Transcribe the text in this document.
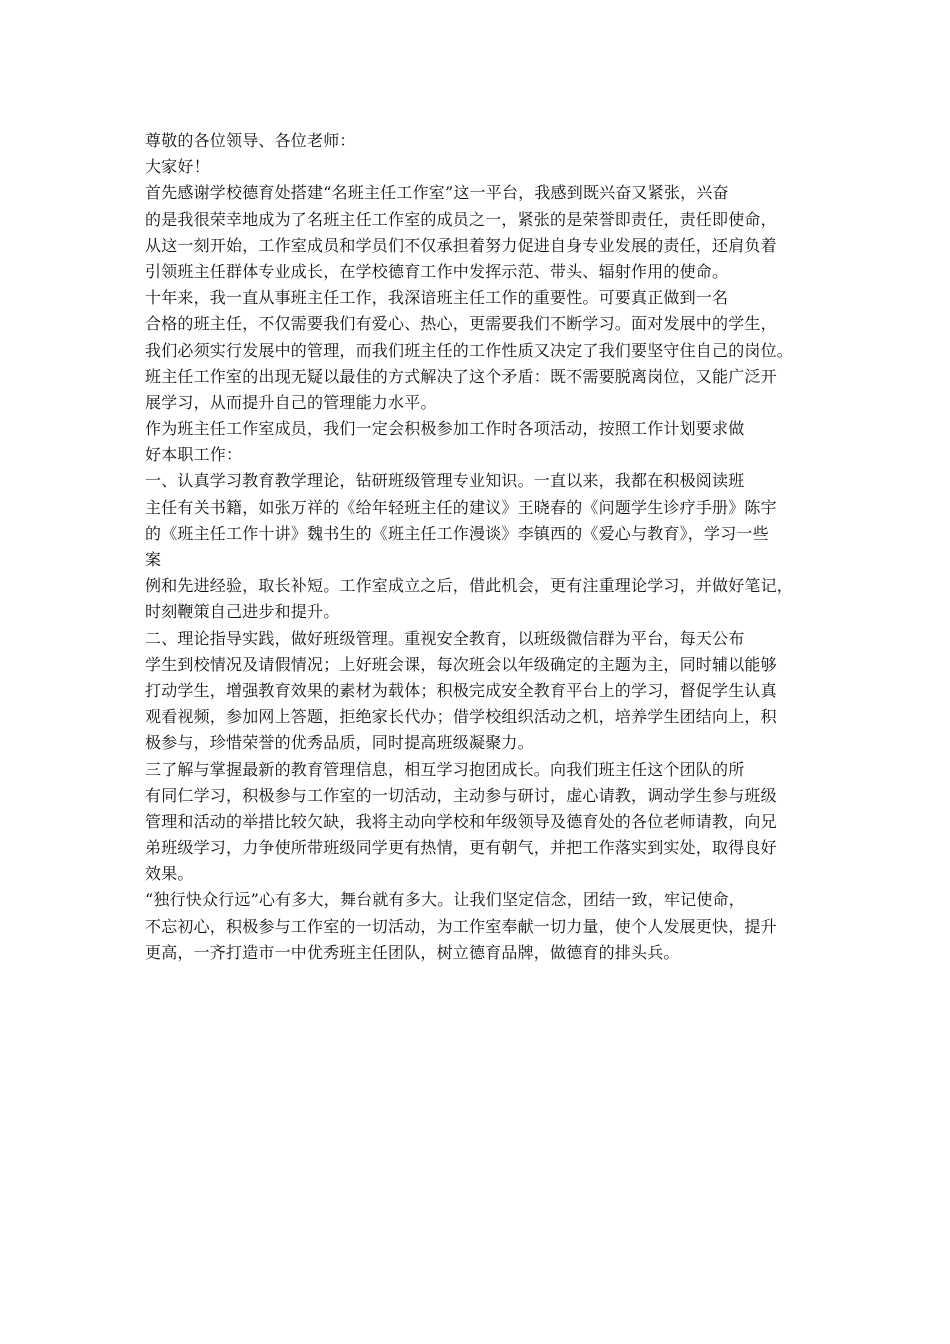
尊敬的各位领导、各位老师：
大家好！
首先感谢学校德育处搭建“名班主任工作室”这一平台，我感到既兴奋又紧张，兴奋
的是我很荣幸地成为了名班主任工作室的成员之一，紧张的是荣誉即责任，责任即使命，
从这一刻开始，工作室成员和学员们不仅承担着努力促进自身专业发展的责任，还肩负着
引领班主任群体专业成长，在学校德育工作中发挥示范、带头、辐射作用的使命。
十年来，我一直从事班主任工作，我深谙班主任工作的重要性。可要真正做到一名
合格的班主任，不仅需要我们有爱心、热心，更需要我们不断学习。面对发展中的学生，
我们必须实行发展中的管理，而我们班主任的工作性质又决定了我们要坚守住自己的岗位。
班主任工作室的出现无疑以最佳的方式解决了这个矛盾：既不需要脱离岗位，又能广泛开
展学习，从而提升自己的管理能力水平。
作为班主任工作室成员，我们一定会积极参加工作时各项活动，按照工作计划要求做
好本职工作：
一、认真学习教育教学理论，钻研班级管理专业知识。一直以来，我都在积极阅读班
主任有关书籍，如张万祥的《给年轻班主任的建议》王晓春的《问题学生诊疗手册》陈宇
的《班主任工作十讲》魏书生的《班主任工作漫谈》李镇西的《爱心与教育》，学习一些
案
例和先进经验，取长补短。工作室成立之后，借此机会，更有注重理论学习，并做好笔记，
时刻鞭策自己进步和提升。
二、理论指导实践，做好班级管理。重视安全教育，以班级微信群为平台，每天公布
学生到校情况及请假情况；上好班会课，每次班会以年级确定的主题为主，同时辅以能够
打动学生，增强教育效果的素材为载体；积极完成安全教育平台上的学习，督促学生认真
观看视频，参加网上答题，拒绝家长代办；借学校组织活动之机，培养学生团结向上，积
极参与，珍惜荣誉的优秀品质，同时提高班级凝聚力。
三了解与掌握最新的教育管理信息，相互学习抱团成长。向我们班主任这个团队的所
有同仁学习，积极参与工作室的一切活动，主动参与研讨，虚心请教，调动学生参与班级
管理和活动的举措比较欠缺，我将主动向学校和年级领导及德育处的各位老师请教，向兄
弟班级学习，力争使所带班级同学更有热情，更有朝气，并把工作落实到实处，取得良好
效果。
“独行快众行远”心有多大，舞台就有多大。让我们坚定信念，团结一致，牢记使命，
不忘初心，积极参与工作室的一切活动，为工作室奉献一切力量，使个人发展更快，提升
更高，一齐打造市一中优秀班主任团队，树立德育品牌，做德育的排头兵。
